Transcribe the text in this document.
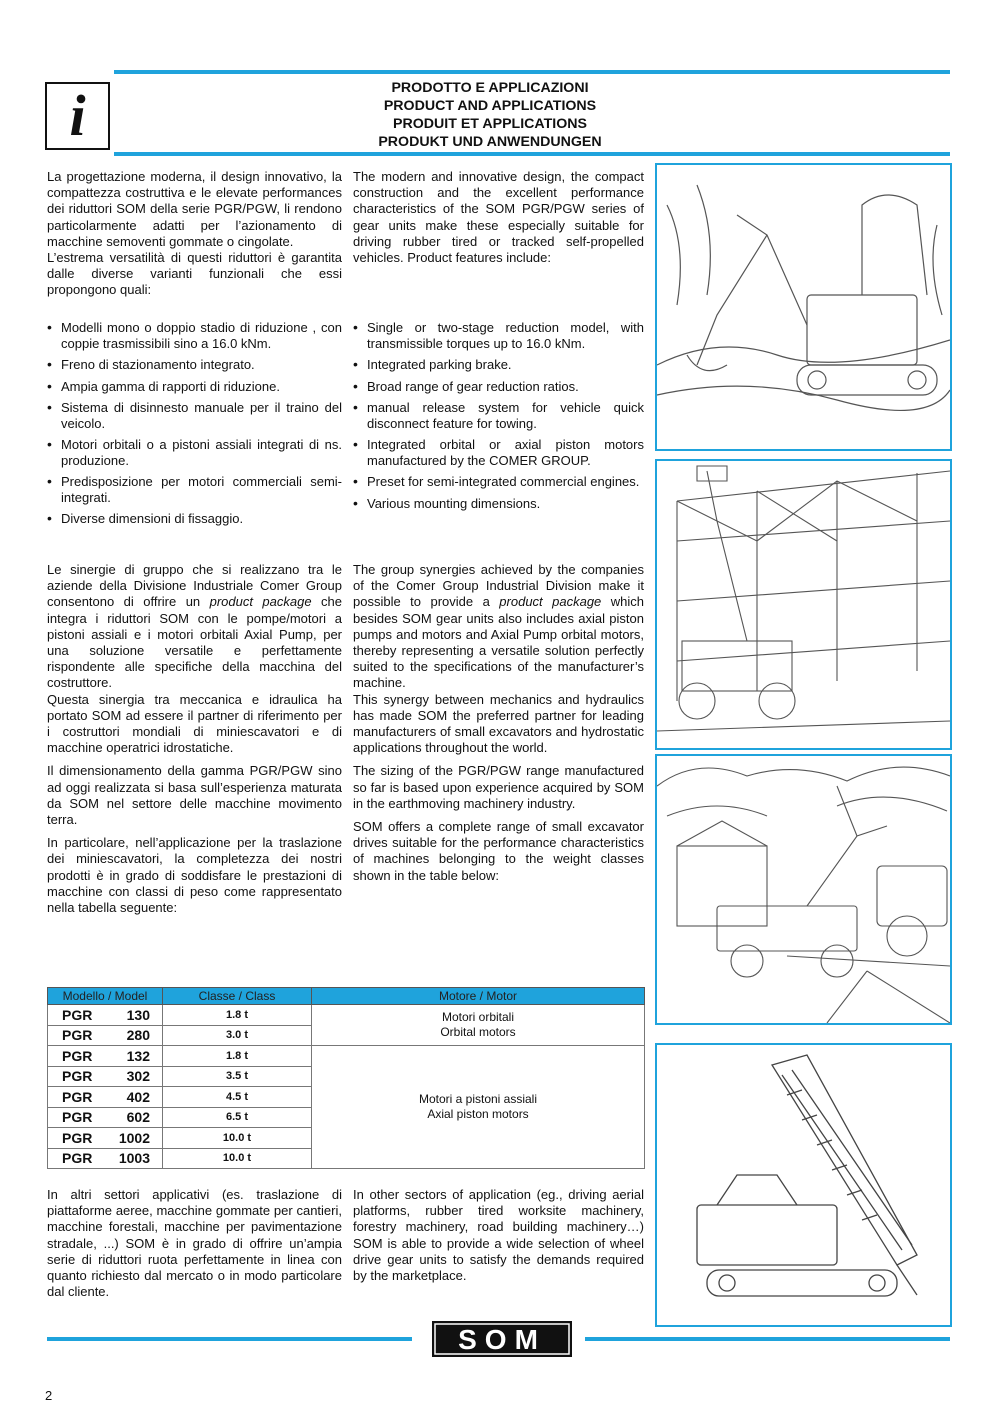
i	PRODOTTO E APPLICAZIONI
PRODUCT AND APPLICATIONS
PRODUIT ET APPLICATIONS
PRODUKT UND ANWENDUNGEN

La progettazione moderna, il design innovativo, la compattezza costruttiva e le elevate performances dei riduttori SOM della serie PGR/PGW, li rendono particolarmente adatti per l’azionamento di macchine semoventi gommate o cingolate.

L’estrema versatilità di questi riduttori è garantita dalle diverse varianti funzionali che essi propongono quali:

The modern and innovative design, the compact construction and the excellent performance characteristics of the SOM PGR/PGW series of gear units make these especially suitable for driving rubber tired or tracked self-propelled vehicles. Product features include:

• Modelli mono o doppio stadio di riduzione , con coppie trasmissibili sino a 16.0 kNm.
• Freno di stazionamento integrato.
• Ampia gamma di rapporti di riduzione.
• Sistema di disinnesto manuale per il traino del veicolo.
• Motori orbitali o a pistoni assiali integrati di ns. produzione.
• Predisposizione per motori commerciali semi-integrati.
• Diverse dimensioni di fissaggio.
• Single or two-stage reduction model, with transmissible torques up to 16.0 kNm.
• Integrated parking brake.
• Broad range of gear reduction ratios.
• manual release system for vehicle quick disconnect feature for towing.
• Integrated orbital or axial piston motors manufactured by the COMER GROUP.
• Preset for semi-integrated commercial engines.
• Various mounting dimensions.

Le sinergie di gruppo che si realizzano tra le aziende della Divisione Industriale Comer Group consentono di offrire un product package che integra i riduttori SOM con le pompe/motori a pistoni assiali e i motori orbitali Axial Pump, per una soluzione versatile e perfettamente rispondente alle specifiche della macchina del costruttore.

Questa sinergia tra meccanica e idraulica ha portato SOM ad essere il partner di riferimento per i costruttori mondiali di miniescavatori e di macchine operatrici idrostatiche.

Il dimensionamento della gamma PGR/PGW sino ad oggi realizzata si basa sull’esperienza maturata da SOM nel settore delle macchine movimento terra.

In particolare, nell’applicazione per la traslazione dei miniescavatori, la completezza dei nostri prodotti è in grado di soddisfare le prestazioni di macchine con classi di peso come rappresentato nella tabella seguente:

The group synergies achieved by the companies of the Comer Group Industrial Division make it possible to provide a product package which besides SOM gear units also includes axial piston pumps and motors and Axial Pump orbital motors, thereby representing a versatile solution perfectly suited to the specifications of the manufacturer’s machine.

This synergy between mechanics and hydraulics has made SOM the preferred partner for leading manufacturers of small excavators and hydrostatic applications throughout the world.

The sizing of the PGR/PGW range manufactured so far is based upon experience acquired by SOM in the earthmoving machinery industry.

SOM offers a complete range of small excavator drives suitable for the performance characteristics of machines belonging to the weight classes shown in the table below:

Modello / Model	Classe / Class	Motore / Motor
PGR 130	1.8 t	Motori orbitali
Orbital motors

PGR 280	3.0 t	
PGR 132	1.8 t	Motori a pistoni assiali
Axial piston motors

PGR 302	3.5 t	
PGR 402	4.5 t	
PGR 602	6.5 t	
PGR 1002	10.0 t	
PGR 1003	10.0 t	
In altri settori applicativi (es. traslazione di piattaforme aeree, macchine gommate per cantieri, macchine forestali, macchine per pavimentazione stradale, ...) SOM è in grado di offrire un’ampia serie di riduttori ruota perfettamente in linea con quanto richiesto dal mercato o in modo particolare dal cliente.
In other sectors of application (eg., driving aerial platforms, rubber tired worksite machinery, forestry machinery, road building machinery…) SOM is able to provide a wide selection of wheel drive gear units to satisfy the demands required by the marketplace.
SOM
2
